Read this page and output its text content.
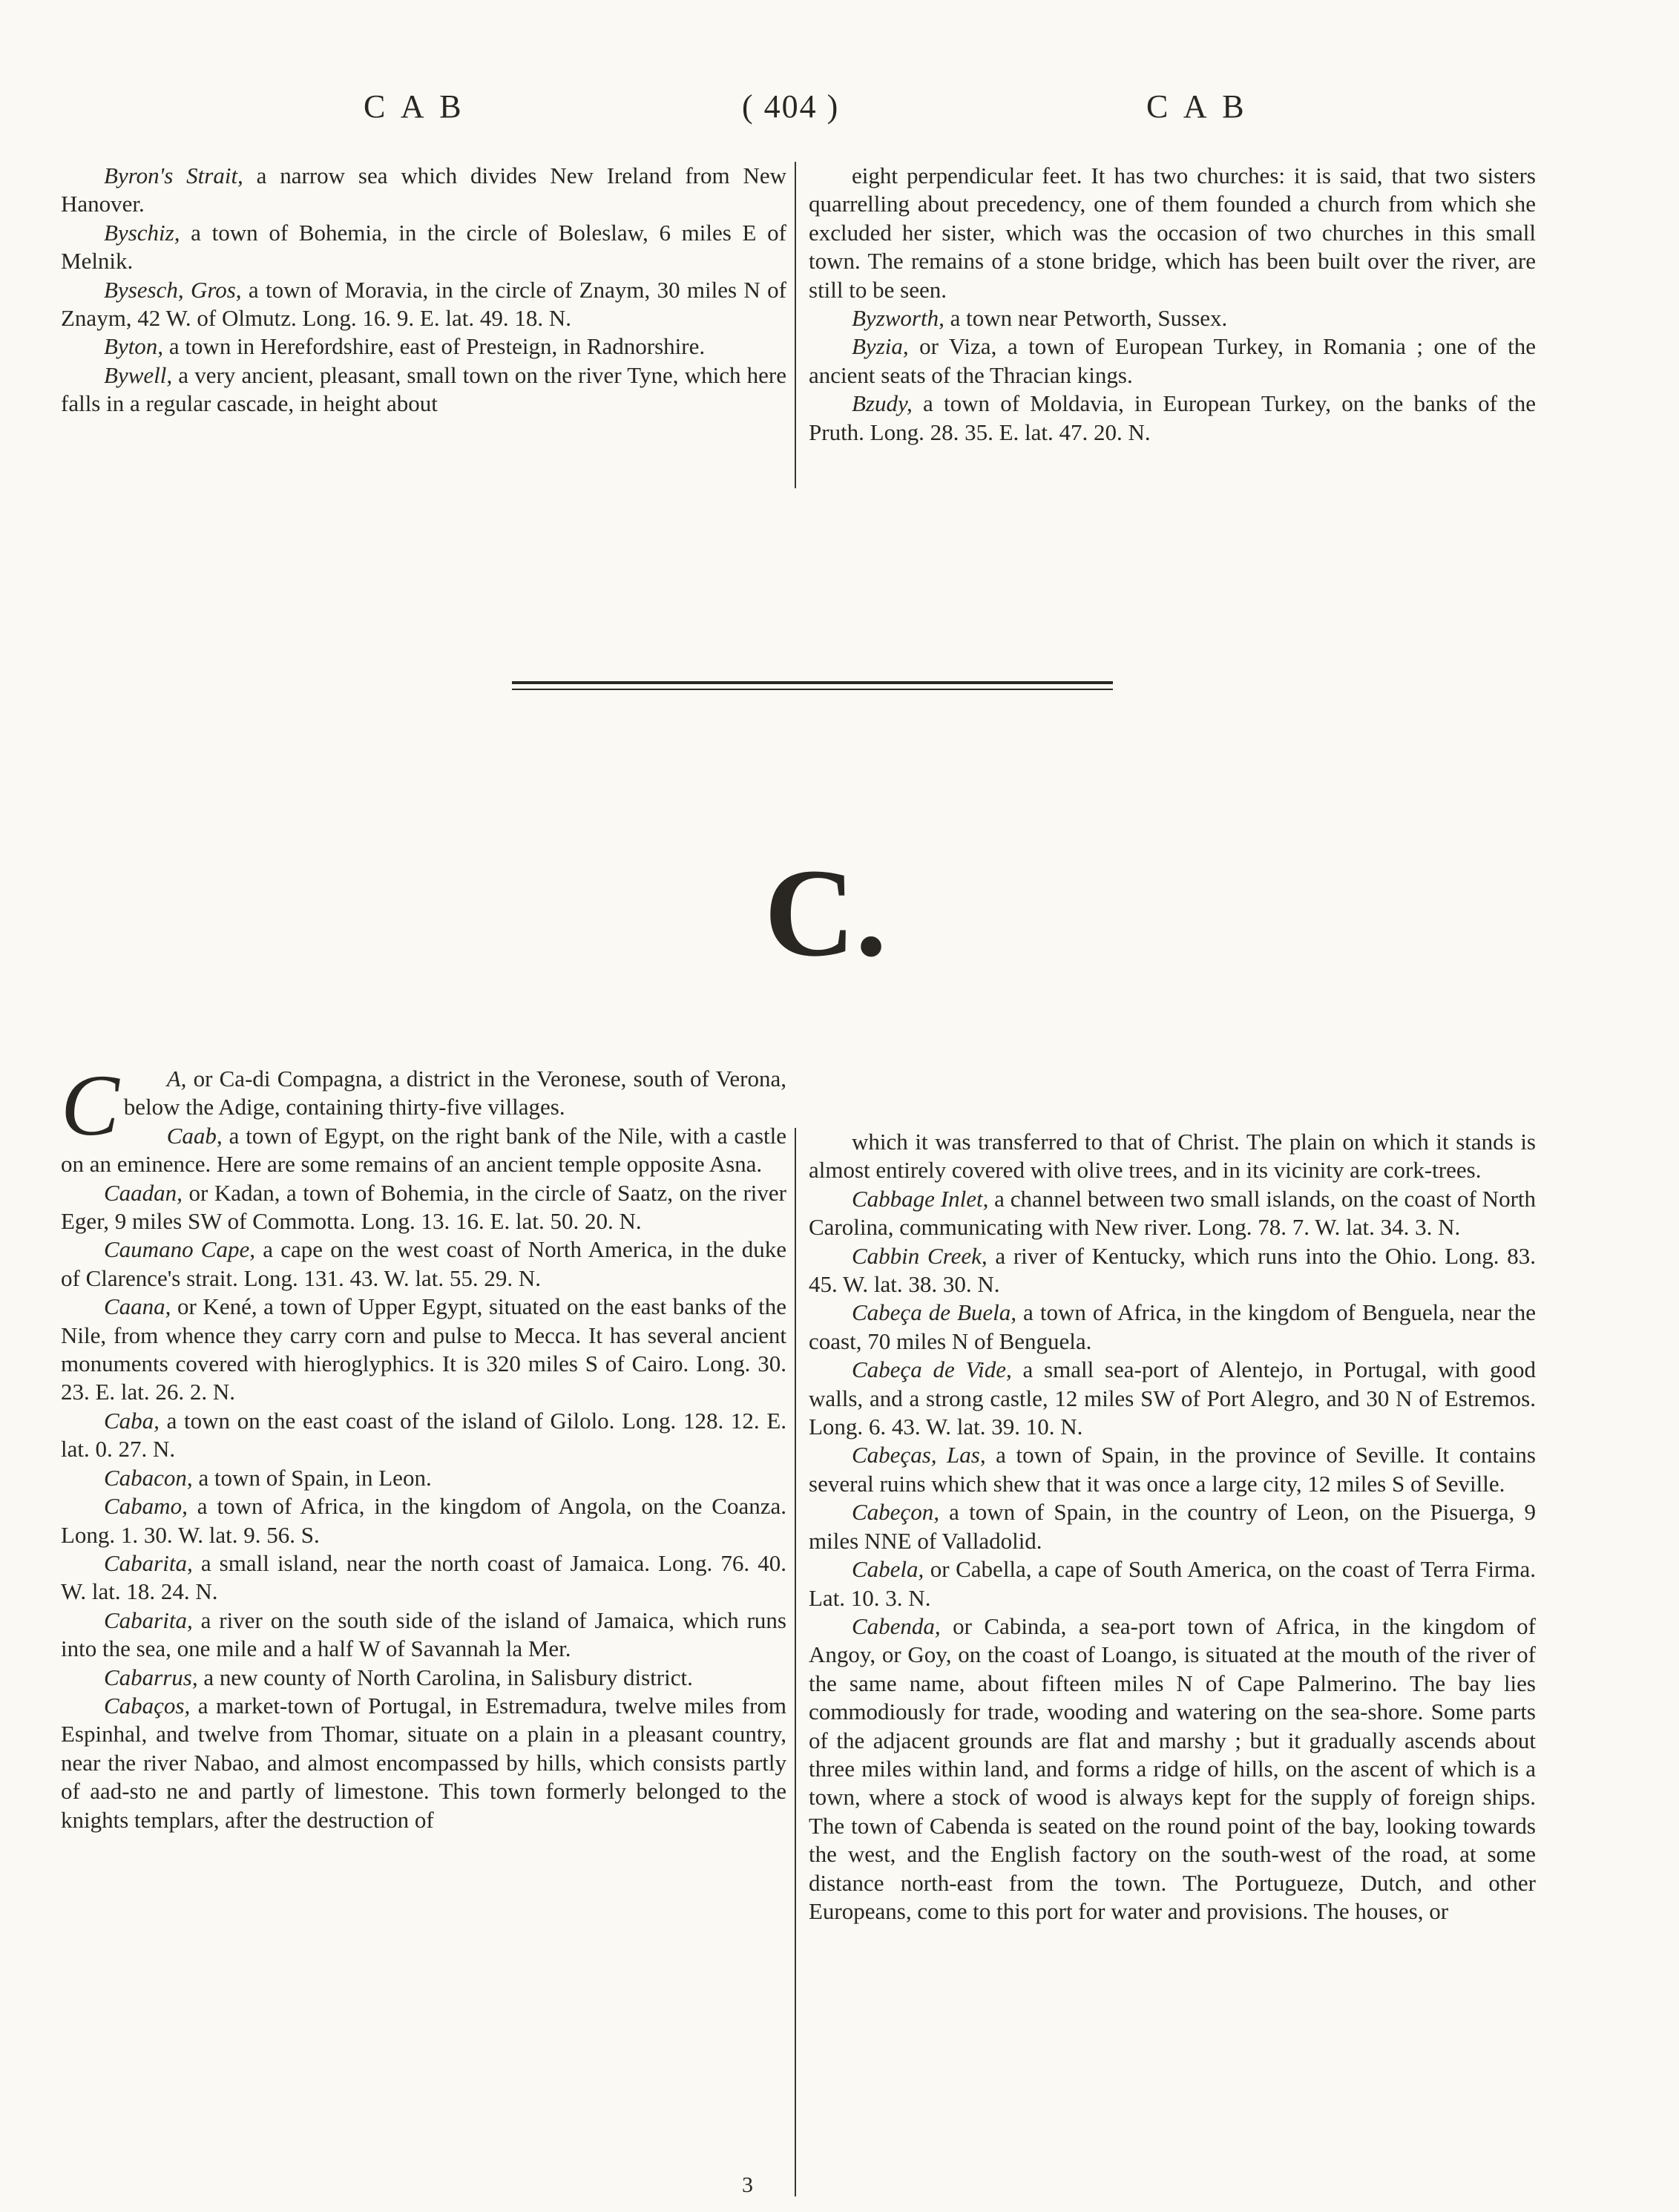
C A B	( 404 )	C A B

Byron's Strait, a narrow sea which divides New Ireland from New Hanover.

Byschiz, a town of Bohemia, in the circle of Boleslaw, 6 miles E of Melnik.

Bysesch, Gros, a town of Moravia, in the circle of Znaym, 30 miles N of Znaym, 42 W. of Olmutz. Long. 16. 9. E. lat. 49. 18. N.

Byton, a town in Herefordshire, east of Presteign, in Radnorshire.

Bywell, a very ancient, pleasant, small town on the river Tyne, which here falls in a regular cascade, in height about

eight perpendicular feet. It has two churches: it is said, that two sisters quarrelling about precedency, one of them founded a church from which she excluded her sister, which was the occasion of two churches in this small town. The remains of a stone bridge, which has been built over the river, are still to be seen.

Byzworth, a town near Petworth, Sussex.

Byzia, or Viza, a town of European Turkey, in Romania ; one of the ancient seats of the Thracian kings.

Bzudy, a town of Moldavia, in European Turkey, on the banks of the Pruth. Long. 28. 35. E. lat. 47. 20. N.

C.

C A, or Ca-di Compagna, a district in the Veronese, south of Verona, below the Adige, containing thirty-five villages.

Caab, a town of Egypt, on the right bank of the Nile, with a castle on an eminence. Here are some remains of an ancient temple opposite Asna.

Caadan, or Kadan, a town of Bohemia, in the circle of Saatz, on the river Eger, 9 miles SW of Commotta. Long. 13. 16. E. lat. 50. 20. N.

Caumano Cape, a cape on the west coast of North America, in the duke of Clarence's strait. Long. 131. 43. W. lat. 55. 29. N.

Caana, or Kené, a town of Upper Egypt, situated on the east banks of the Nile, from whence they carry corn and pulse to Mecca. It has several ancient monuments covered with hieroglyphics. It is 320 miles S of Cairo. Long. 30. 23. E. lat. 26. 2. N.

Caba, a town on the east coast of the island of Gilolo. Long. 128. 12. E. lat. 0. 27. N.

Cabacon, a town of Spain, in Leon.

Cabamo, a town of Africa, in the kingdom of Angola, on the Coanza. Long. 1. 30. W. lat. 9. 56. S.

Cabarita, a small island, near the north coast of Jamaica. Long. 76. 40. W. lat. 18. 24. N.

Cabarita, a river on the south side of the island of Jamaica, which runs into the sea, one mile and a half W of Savannah la Mer.

Cabarrus, a new county of North Carolina, in Salisbury district.

Cabaços, a market-town of Portugal, in Estremadura, twelve miles from Espinhal, and twelve from Thomar, situate on a plain in a pleasant country, near the river Nabao, and almost encompassed by hills, which consists partly of aad-sto ne and partly of limestone. This town formerly belonged to the knights templars, after the destruction of

which it was transferred to that of Christ. The plain on which it stands is almost entirely covered with olive trees, and in its vicinity are cork-trees.

Cabbage Inlet, a channel between two small islands, on the coast of North Carolina, communicating with New river. Long. 78. 7. W. lat. 34. 3. N.

Cabbin Creek, a river of Kentucky, which runs into the Ohio. Long. 83. 45. W. lat. 38. 30. N.

Cabeça de Buela, a town of Africa, in the kingdom of Benguela, near the coast, 70 miles N of Benguela.

Cabeça de Vide, a small sea-port of Alentejo, in Portugal, with good walls, and a strong castle, 12 miles SW of Port Alegro, and 30 N of Estremos. Long. 6. 43. W. lat. 39. 10. N.

Cabeças, Las, a town of Spain, in the province of Seville. It contains several ruins which shew that it was once a large city, 12 miles S of Seville.

Cabeçon, a town of Spain, in the country of Leon, on the Pisuerga, 9 miles NNE of Valladolid.

Cabela, or Cabella, a cape of South America, on the coast of Terra Firma. Lat. 10. 3. N.

Cabenda, or Cabinda, a sea-port town of Africa, in the kingdom of Angoy, or Goy, on the coast of Loango, is situated at the mouth of the river of the same name, about fifteen miles N of Cape Palmerino. The bay lies commodiously for trade, wooding and watering on the sea-shore. Some parts of the adjacent grounds are flat and marshy ; but it gradually ascends about three miles within land, and forms a ridge of hills, on the ascent of which is a town, where a stock of wood is always kept for the supply of foreign ships. The town of Cabenda is seated on the round point of the bay, looking towards the west, and the English factory on the south-west of the road, at some distance north-east from the town. The Portugueze, Dutch, and other Europeans, come to this port for water and provisions. The houses, or

3
